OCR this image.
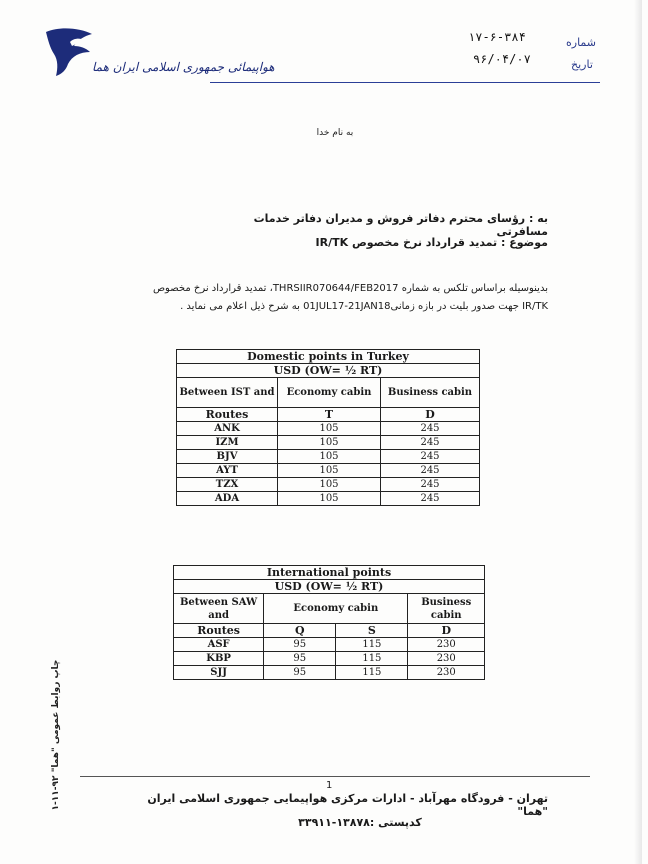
هواپیمائی جمهوری اسلامی ایران هما
شماره
تاریخ
۱۷-۶-۳۸۴
۹۶/۰۴/۰۷
به نام خدا
به : رؤسای محترم دفاتر فروش و مدیران دفاتر خدمات مسافرتی
موضوع : تمدید قرارداد نرخ مخصوص IR/TK
بدینوسیله براساس تلکس به شماره THRSIIR070644/FEB2017، تمدید قرارداد نرخ مخصوص
IR/TK جهت صدور بلیت در بازه زمانی01JUL17-21JAN18 به شرح ذیل اعلام می نماید .
Domestic points in Turkey		
USD (OW= ½ RT)		
Between IST and	Economy cabin	Business cabin
Routes	T	D
ANK	105	245
IZM	105	245
BJV	105	245
AYT	105	245
TZX	105	245
ADA	105	245
International points			
USD (OW= ½ RT)			
Between SAW and	Economy cabin		Business cabin
Routes	Q	S	D
ASF	95	115	230
KBP	95	115	230
SJJ	95	115	230
چاپ روابط عمومی "هما" ۹۲-۱۱-۱
1
تهران - فرودگاه مهرآباد - ادارات مرکزی هواپیمایی جمهوری اسلامی ایران "هما"
کدپستی :۱۳۸۷۸-۳۳۹۱۱
